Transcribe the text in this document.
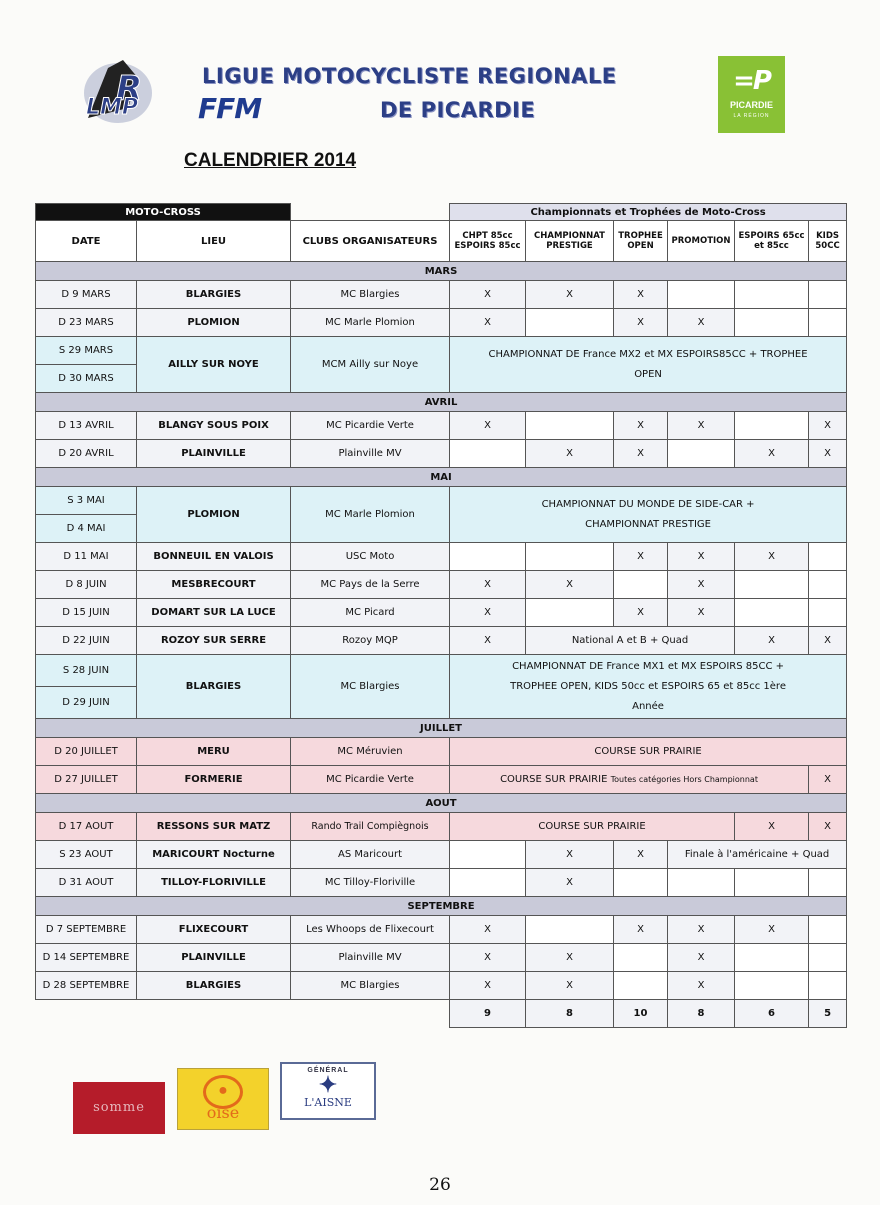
R
LMP
LIGUE MOTOCYCLISTE REGIONALE
FFM	DE PICARDIE
=P
PICARDIE
LA RÉGION
CALENDRIER 2014
MOTO-CROSS			Championnats et Trophées de Moto-Cross					
DATE	LIEU	CLUBS ORGANISATEURS	CHPT 85cc ESPOIRS 85cc	CHAMPIONNAT PRESTIGE	TROPHEE OPEN	PROMOTION	ESPOIRS 65cc et 85cc	KIDS 50CC
MARS								
D 9 MARS	BLARGIES	MC Blargies	X	X	X			
D 23 MARS	PLOMION	MC Marle Plomion	X		X	X		
S 29 MARS	AILLY SUR NOYE	MCM Ailly sur Noye	CHAMPIONNAT DE France MX2 et MX ESPOIRS85CC + TROPHEE OPEN					
D 30 MARS								
AVRIL								
D 13 AVRIL	BLANGY SOUS POIX	MC Picardie Verte	X		X	X		X
D 20 AVRIL	PLAINVILLE	Plainville MV		X	X		X	X
MAI								
S 3 MAI	PLOMION	MC Marle Plomion	CHAMPIONNAT DU MONDE DE SIDE-CAR + CHAMPIONNAT PRESTIGE					
D 4 MAI								
D 11 MAI	BONNEUIL EN VALOIS	USC Moto			X	X	X	
D 8 JUIN	MESBRECOURT	MC Pays de la Serre	X	X		X		
D 15 JUIN	DOMART SUR LA LUCE	MC Picard	X		X	X		
D 22 JUIN	ROZOY SUR SERRE	Rozoy MQP	X	National A et B + Quad			X	X
S 28 JUIN	BLARGIES	MC Blargies	CHAMPIONNAT DE France MX1 et MX ESPOIRS 85CC + TROPHEE OPEN, KIDS 50cc et ESPOIRS 65 et 85cc 1ère Année					
D 29 JUIN								
JUILLET								
D 20 JUILLET	MERU	MC Méruvien	COURSE SUR PRAIRIE					
D 27 JUILLET	FORMERIE	MC Picardie Verte	COURSE SUR PRAIRIE Toutes catégories Hors Championnat					X
AOUT								
D 17 AOUT	RESSONS SUR MATZ	Rando Trail Compiègnois	COURSE SUR PRAIRIE				X	X
S 23 AOUT	MARICOURT Nocturne	AS Maricourt		X	X	Finale à l'américaine + Quad		
D 31 AOUT	TILLOY-FLORIVILLE	MC Tilloy-Floriville		X				
SEPTEMBRE								
D 7 SEPTEMBRE	FLIXECOURT	Les Whoops de Flixecourt	X		X	X	X	
D 14 SEPTEMBRE	PLAINVILLE	Plainville MV	X	X		X		
D 28 SEPTEMBRE	BLARGIES	MC Blargies	X	X		X		
			9	8	10	8	6	5
somme
●
oise
GÉNÉRAL
✦
L'AISNE
26
